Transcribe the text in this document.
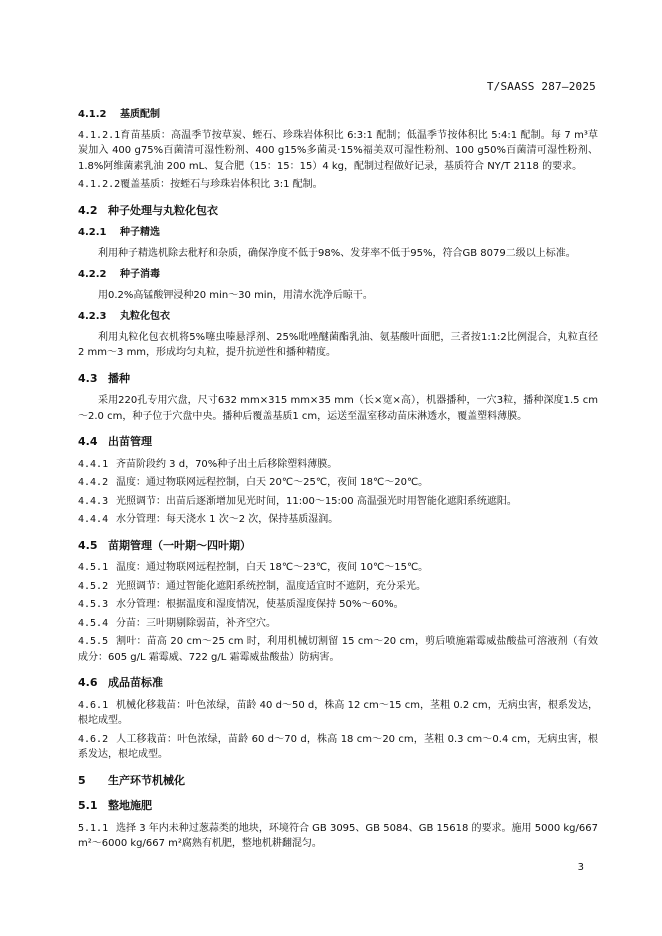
T/SAASS 287—2025
4.1.2 基质配制
4.1.2.1育苗基质：高温季节按草炭、蛭石、珍珠岩体积比 6:3:1 配制；低温季节按体积比 5:4:1 配制。每 7 m³草炭加入 400 g75%百菌清可湿性粉剂、400 g15%多菌灵·15%福美双可湿性粉剂、100 g50%百菌清可湿性粉剂、1.8%阿维菌素乳油 200 mL、复合肥（15：15：15）4 kg，配制过程做好记录，基质符合 NY/T 2118 的要求。
4.1.2.2覆盖基质：按蛭石与珍珠岩体积比 3:1 配制。
4.2 种子处理与丸粒化包衣
4.2.1 种子精选
利用种子精选机除去秕籽和杂质，确保净度不低于98%、发芽率不低于95%，符合GB 8079二级以上标准。
4.2.2 种子消毒
用0.2%高锰酸钾浸种20 min～30 min，用清水洗净后晾干。
4.2.3 丸粒化包衣
利用丸粒化包衣机将5%噻虫嗪悬浮剂、25%吡唑醚菌酯乳油、氨基酸叶面肥，三者按1:1:2比例混合，丸粒直径2 mm～3 mm，形成均匀丸粒，提升抗逆性和播种精度。
4.3 播种
采用220孔专用穴盘，尺寸632 mm×315 mm×35 mm（长×宽×高），机器播种，一穴3粒，播种深度1.5 cm～2.0 cm，种子位于穴盘中央。播种后覆盖基质1 cm，运送至温室移动苗床淋透水，覆盖塑料薄膜。
4.4 出苗管理
4.4.1 齐苗阶段约 3 d，70%种子出土后移除塑料薄膜。
4.4.2 温度：通过物联网远程控制，白天 20℃～25℃，夜间 18℃～20℃。
4.4.3 光照调节：出苗后逐渐增加见光时间，11:00～15:00 高温强光时用智能化遮阳系统遮阳。
4.4.4 水分管理：每天浇水 1 次～2 次，保持基质湿润。
4.5 苗期管理（一叶期～四叶期）
4.5.1 温度：通过物联网远程控制，白天 18℃～23℃，夜间 10℃～15℃。
4.5.2 光照调节：通过智能化遮阳系统控制，温度适宜时不遮阴，充分采光。
4.5.3 水分管理：根据温度和湿度情况，使基质湿度保持 50%～60%。
4.5.4 分苗：三叶期剔除弱苗，补齐空穴。
4.5.5 割叶：苗高 20 cm～25 cm 时，利用机械切割留 15 cm～20 cm，剪后喷施霜霉威盐酸盐可溶液剂（有效成分：605 g/L 霜霉威、722 g/L 霜霉威盐酸盐）防病害。
4.6 成品苗标准
4.6.1 机械化移栽苗：叶色浓绿，苗龄 40 d～50 d，株高 12 cm～15 cm，茎粗 0.2 cm，无病虫害，根系发达，根坨成型。
4.6.2 人工移栽苗：叶色浓绿，苗龄 60 d～70 d，株高 18 cm～20 cm，茎粗 0.3 cm～0.4 cm，无病虫害，根系发达，根坨成型。
5 生产环节机械化
5.1 整地施肥
5.1.1 选择 3 年内未种过葱蒜类的地块，环境符合 GB 3095、GB 5084、GB 15618 的要求。施用 5000 kg/667 m²～6000 kg/667 m²腐熟有机肥，整地机耕翻混匀。
3
